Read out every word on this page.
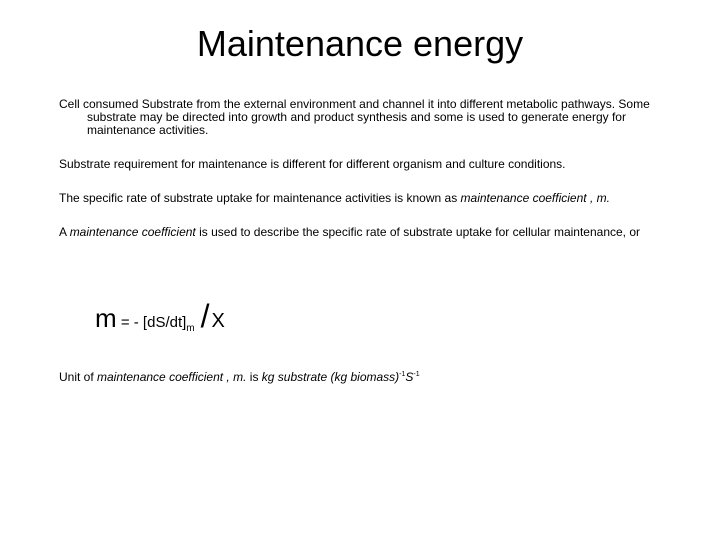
Maintenance energy
Cell consumed Substrate from the external environment and channel it into different metabolic pathways. Some substrate may be directed into growth and product synthesis and some is used to generate energy for maintenance activities.
Substrate requirement for maintenance is different for different organism and culture conditions.
The specific rate of substrate uptake for maintenance activities is known as maintenance coefficient , m.
A maintenance coefficient is used to describe the specific rate of substrate uptake for cellular maintenance, or
m = - $[dS/dt]_m$ / X
Unit of maintenance coefficient , m. is kg substrate (kg $biomass)^{-1}S^{-1}$
